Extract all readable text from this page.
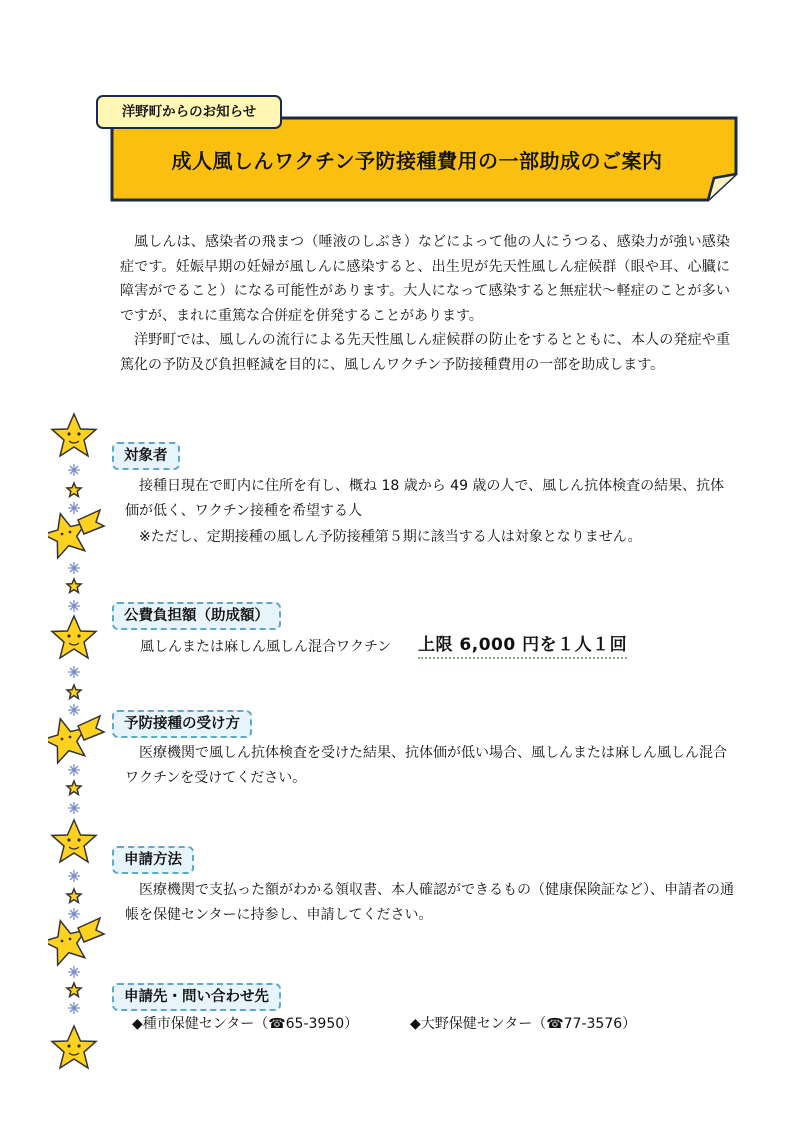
洋野町からのお知らせ
成人風しんワクチン予防接種費用の一部助成のご案内

風しんは、感染者の飛まつ（唾液のしぶき）などによって他の人にうつる、感染力が強い感染症です。妊娠早期の妊婦が風しんに感染すると、出生児が先天性風しん症候群（眼や耳、心臓に障害がでること）になる可能性があります。大人になって感染すると無症状～軽症のことが多いですが、まれに重篤な合併症を併発することがあります。

洋野町では、風しんの流行による先天性風しん症候群の防止をするとともに、本人の発症や重篤化の予防及び負担軽減を目的に、風しんワクチン予防接種費用の一部を助成します。

対象者
接種日現在で町内に住所を有し、概ね 18 歳から 49 歳の人で、風しん抗体検査の結果、抗体価が低く、ワクチン接種を希望する人
※ただし、定期接種の風しん予防接種第５期に該当する人は対象となりません。
公費負担額（助成額）
風しんまたは麻しん風しん混合ワクチン 上限 6,000 円を１人１回
予防接種の受け方
医療機関で風しん抗体検査を受けた結果、抗体価が低い場合、風しんまたは麻しん風しん混合ワクチンを受けてください。
申請方法
医療機関で支払った額がわかる領収書、本人確認ができるもの（健康保険証など）、申請者の通帳を保健センターに持参し、申請してください。
申請先・問い合わせ先
◆種市保健センター（☎65-3950）	◆大野保健センター（☎77-3576）
